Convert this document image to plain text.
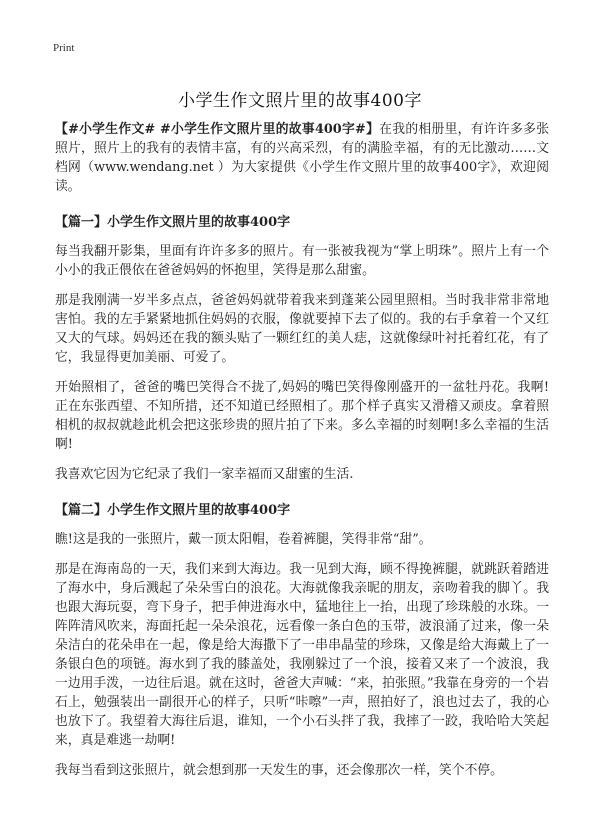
Print
小学生作文照片里的故事400字

【#小学生作文# #小学生作文照片里的故事400字#】在我的相册里，有许许多多张照片，照片上的我有的表情丰富，有的兴高采烈，有的满脸幸福，有的无比激动……文档网（www.wendang.net ）为大家提供《小学生作文照片里的故事400字》，欢迎阅读。

【篇一】小学生作文照片里的故事400字

每当我翻开影集，里面有许许多多的照片。有一张被我视为“掌上明珠”。照片上有一个小小的我正偎依在爸爸妈妈的怀抱里，笑得是那么甜蜜。

那是我刚满一岁半多点点，爸爸妈妈就带着我来到蓬莱公园里照相。当时我非常非常地害怕。我的左手紧紧地抓住妈妈的衣服，像就要掉下去了似的。我的右手拿着一个又红又大的气球。妈妈还在我的额头贴了一颗红红的美人痣，这就像绿叶衬托着红花，有了它，我显得更加美丽、可爱了。

开始照相了，爸爸的嘴巴笑得合不拢了,妈妈的嘴巴笑得像刚盛开的一盆牡丹花。我啊!正在东张西望、不知所措，还不知道已经照相了。那个样子真实又滑稽又顽皮。拿着照相机的叔叔就趁此机会把这张珍贵的照片拍了下来。多么幸福的时刻啊!多么幸福的生活啊!

我喜欢它因为它纪录了我们一家幸福而又甜蜜的生活.

【篇二】小学生作文照片里的故事400字

瞧!这是我的一张照片，戴一顶太阳帽，卷着裤腿，笑得非常“甜”。

那是在海南岛的一天，我们来到大海边。我一见到大海，顾不得挽裤腿，就跳跃着踏进了海水中，身后溅起了朵朵雪白的浪花。大海就像我亲昵的朋友，亲吻着我的脚丫。我也跟大海玩耍，弯下身子，把手伸进海水中，猛地往上一抬，出现了珍珠般的水珠。一阵阵清风吹来，海面托起一朵朵浪花，远看像一条白色的玉带，波浪涌了过来，像一朵朵洁白的花朵串在一起，像是给大海撒下了一串串晶莹的珍珠，又像是给大海戴上了一条银白色的项链。海水到了我的膝盖处，我刚躲过了一个浪，接着又来了一个波浪，我一边用手泼，一边往后退。就在这时，爸爸大声喊：“来，拍张照。”我靠在身旁的一个岩石上，勉强装出一副很开心的样子，只听“咔嚓”一声，照拍好了，浪也过去了，我的心也放下了。我望着大海往后退，谁知，一个小石头拌了我，我摔了一跤，我哈哈大笑起来，真是难逃一劫啊!

我每当看到这张照片，就会想到那一天发生的事，还会像那次一样，笑个不停。
